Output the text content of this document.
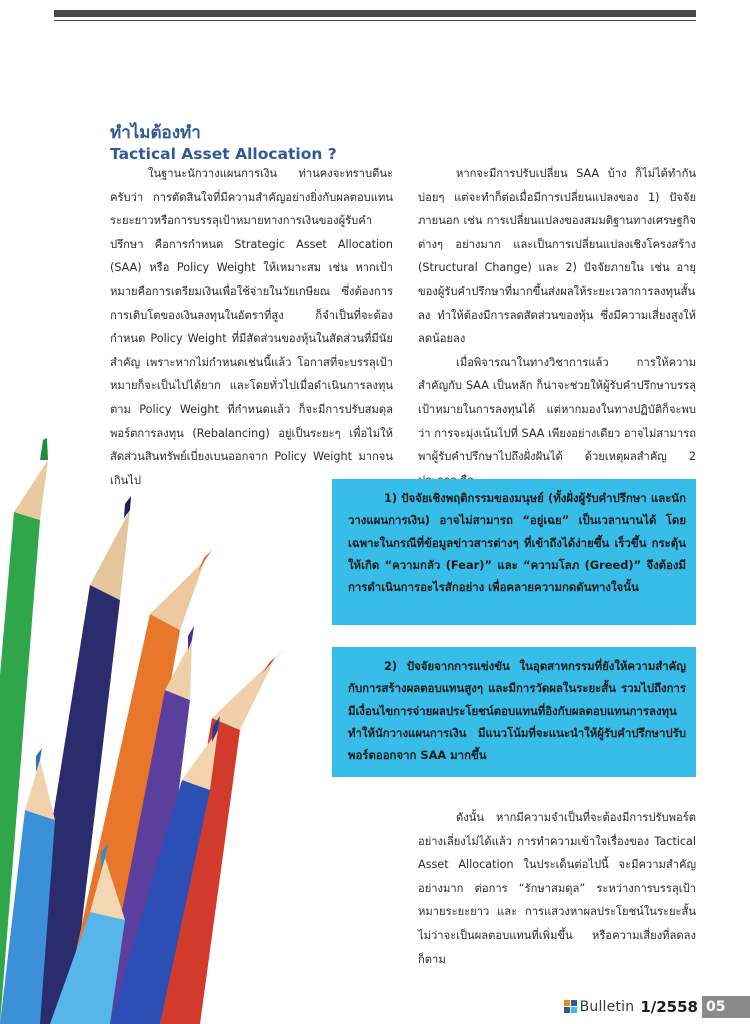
ทำไมต้องทำ
Tactical Asset Allocation ?

ในฐานะนักวางแผนการเงิน ท่านคงจะทราบดีนะครับว่า การตัดสินใจที่มีความสำคัญอย่างยิ่งกับผลตอบแทนระยะยาวหรือการบรรลุเป้าหมายทางการเงินของผู้รับคำปรึกษา คือการกำหนด Strategic Asset Allocation (SAA) หรือ Policy Weight ให้เหมาะสม เช่น หากเป้าหมายคือการเตรียมเงินเพื่อใช้จ่ายในวัยเกษียณ ซึ่งต้องการการเติบโตของเงินลงทุนในอัตราที่สูง ก็จำเป็นที่จะต้องกำหนด Policy Weight ที่มีสัดส่วนของหุ้นในสัดส่วนที่มีนัยสำคัญ เพราะหากไม่กำหนดเช่นนี้แล้ว โอกาสที่จะบรรลุเป้าหมายก็จะเป็นไปได้ยาก และโดยทั่วไปเมื่อดำเนินการลงทุนตาม Policy Weight ที่กำหนดแล้ว ก็จะมีการปรับสมดุลพอร์ตการลงทุน (Rebalancing) อยู่เป็นระยะๆ เพื่อไม่ให้สัดส่วนสินทรัพย์เบี่ยงเบนออกจาก Policy Weight มากจนเกินไป

หากจะมีการปรับเปลี่ยน SAA บ้าง ก็ไม่ได้ทำกันบ่อยๆ แต่จะทำก็ต่อเมื่อมีการเปลี่ยนแปลงของ 1) ปัจจัยภายนอก เช่น การเปลี่ยนแปลงของสมมติฐานทางเศรษฐกิจต่างๆ อย่างมาก และเป็นการเปลี่ยนแปลงเชิงโครงสร้าง (Structural Change) และ 2) ปัจจัยภายใน เช่น อายุ ของผู้รับคำปรึกษาที่มากขึ้นส่งผลให้ระยะเวลาการลงทุนสั้นลง ทำให้ต้องมีการลดสัดส่วนของหุ้น ซึ่งมีความเสี่ยงสูงให้ลดน้อยลง

เมื่อพิจารณาในทางวิชาการแล้ว การให้ความสำคัญกับ SAA เป็นหลัก ก็น่าจะช่วยให้ผู้รับคำปรึกษาบรรลุเป้าหมายในการลงทุนได้ แต่หากมองในทางปฏิบัติก็จะพบว่า การจะมุ่งเน้นไปที่ SAA เพียงอย่างเดียว อาจไม่สามารถพาผู้รับคำปรึกษาไปถึงฝั่งฝันได้ ด้วยเหตุผลสำคัญ 2

1) ปัจจัยเชิงพฤติกรรมของมนุษย์ (ทั้งฝั่งผู้รับคำปรึกษา และนักวางแผนการเงิน) อาจไม่สามารถ “อยู่เฉย” เป็นเวลานานได้ โดยเฉพาะในกรณีที่ข้อมูลข่าวสารต่างๆ ที่เข้าถึงได้ง่ายขึ้น เร็วขึ้น กระตุ้นให้เกิด “ความกลัว (Fear)” และ “ความโลภ (Greed)” จึงต้องมีการดำเนินการอะไรสักอย่าง เพื่อคลายความกดดันทางใจนั้น

2) ปัจจัยจากการแข่งขัน ในอุตสาหกรรมที่ยังให้ความสำคัญกับการสร้างผลตอบแทนสูงๆ และมีการวัดผลในระยะสั้น รวมไปถึงการมีเงื่อนไขการจ่ายผลประโยชน์ตอบแทนที่อิงกับผลตอบแทนการลงทุน ทำให้นักวางแผนการเงิน มีแนวโน้มที่จะแนะนำให้ผู้รับคำปรึกษาปรับพอร์ตออกจาก SAA มากขึ้น

ดังนั้น หากมีความจำเป็นที่จะต้องมีการปรับพอร์ตอย่างเลี่ยงไม่ได้แล้ว การทำความเข้าใจเรื่องของ Tactical Asset Allocation ในประเด็นต่อไปนี้ จะมีความสำคัญอย่างมาก ต่อการ “รักษาสมดุล” ระหว่างการบรรลุเป้าหมายระยะยาว และ การแสวงหาผลประโยชน์ในระยะสั้น ไม่ว่าจะเป็นผลตอบแทนที่เพิ่มขึ้น หรือความเสี่ยงที่ลดลงก็ตาม

Bulletin 1/2558 05
